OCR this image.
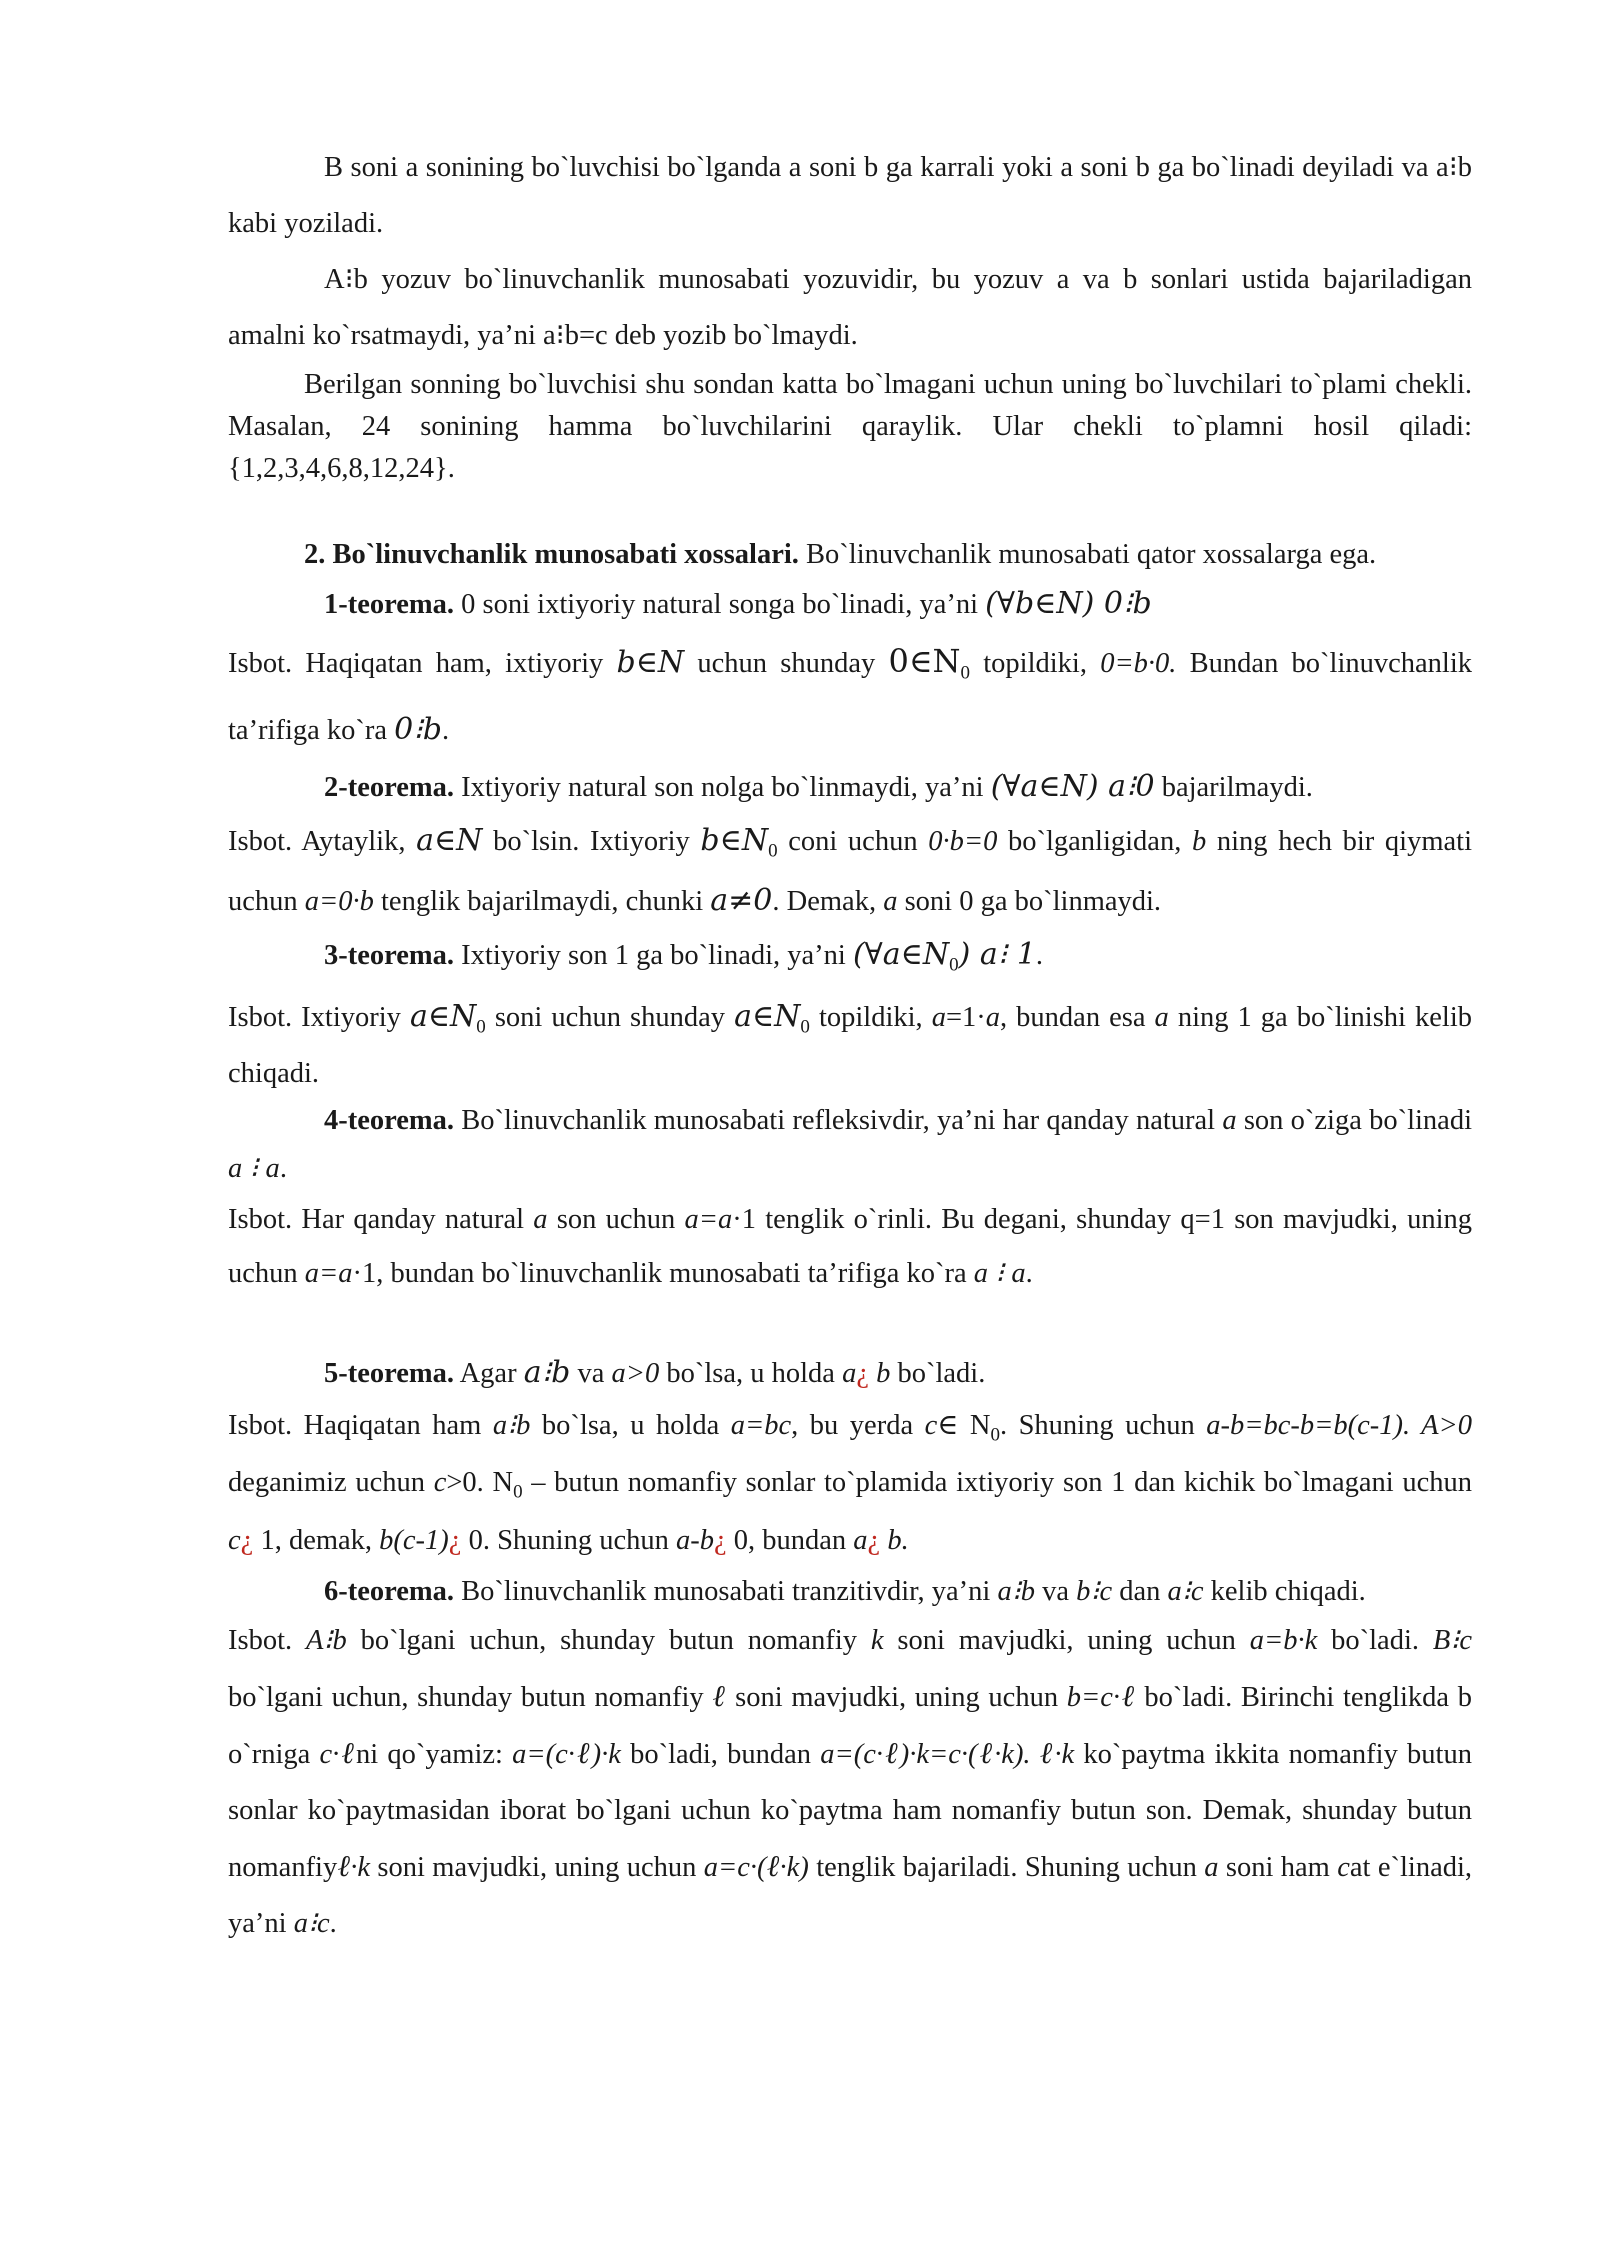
B soni a sonining bo`luvchisi bo`lganda a soni b ga karrali yoki a soni b ga bo`linadi deyiladi va a⁝b kabi yoziladi.

A⁝b yozuv bo`linuvchanlik munosabati yozuvidir, bu yozuv a va b sonlari ustida bajariladigan amalni ko`rsatmaydi, ya’ni a⁝b=c deb yozib bo`lmaydi.

Berilgan sonning bo`luvchisi shu sondan katta bo`lmagani uchun uning bo`luvchilari to`plami chekli. Masalan, 24 sonining hamma bo`luvchilarini qaraylik. Ular chekli to`plamni hosil qiladi: {1,2,3,4,6,8,12,24}.

2. Bo`linuvchanlik munosabati xossalari. Bo`linuvchanlik munosabati qator xossalarga ega.

1-teorema. 0 soni ixtiyoriy natural songa bo`linadi, ya’ni (∀b∈N) 0⁝b

Isbot. Haqiqatan ham, ixtiyoriy b∈N uchun shunday $0\in N_0$ topildiki, 0=b·0. Bundan bo`linuvchanlik ta’rifiga ko`ra 0⁝b.

2-teorema. Ixtiyoriy natural son nolga bo`linmaydi, ya’ni (∀a∈N) a⁝0 bajarilmaydi.

Isbot. Aytaylik, a∈N bo`lsin. Ixtiyoriy $b\in N_0$ coni uchun 0·b=0 bo`lganligidan, b ning hech bir qiymati uchun a=0·b tenglik bajarilmaydi, chunki a≠0. Demak, a soni 0 ga bo`linmaydi.

3-teorema. Ixtiyoriy son 1 ga bo`linadi, ya’ni $(\forall a\in N_0)$ a⁝ 1.

Isbot. Ixtiyoriy $a\in N_0$ soni uchun shunday $a\in N_0$ topildiki, a=1·a, bundan esa a ning 1 ga bo`linishi kelib chiqadi.

4-teorema. Bo`linuvchanlik munosabati refleksivdir, ya’ni har qanday natural a son o`ziga bo`linadi a ⁝ a.

Isbot. Har qanday natural a son uchun a=a·1 tenglik o`rinli. Bu degani, shunday q=1 son mavjudki, uning uchun a=a·1, bundan bo`linuvchanlik munosabati ta’rifiga ko`ra a ⁝ a.

5-teorema. Agar a⁝b va a>0 bo`lsa, u holda a¿ b bo`ladi.

Isbot. Haqiqatan ham a⁝b bo`lsa, u holda a=bc, bu yerda c∈ $N_0$. Shuning uchun a-b=bc-b=b(c-1). A>0 deganimiz uchun c>0. $N_0$ – butun nomanfiy sonlar to`plamida ixtiyoriy son 1 dan kichik bo`lmagani uchun c¿ 1, demak, b(c-1)¿ 0. Shuning uchun a-b¿ 0, bundan a¿ b.

6-teorema. Bo`linuvchanlik munosabati tranzitivdir, ya’ni a⁝b va b⁝c dan a⁝c kelib chiqadi.

Isbot. A⁝b bo`lgani uchun, shunday butun nomanfiy k soni mavjudki, uning uchun a=b·k bo`ladi. B⁝c bo`lgani uchun, shunday butun nomanfiy ℓ soni mavjudki, uning uchun b=c·ℓ bo`ladi. Birinchi tenglikda b o`rniga c·ℓni qo`yamiz: a=(c·ℓ)·k bo`ladi, bundan a=(c·ℓ)·k=c·(ℓ·k). ℓ·k ko`paytma ikkita nomanfiy butun sonlar ko`paytmasidan iborat bo`lgani uchun ko`paytma ham nomanfiy butun son. Demak, shunday butun nomanfiyℓ·k soni mavjudki, uning uchun a=c·(ℓ·k) tenglik bajariladi. Shuning uchun a soni ham cat e`linadi, ya’ni a⁝c.
